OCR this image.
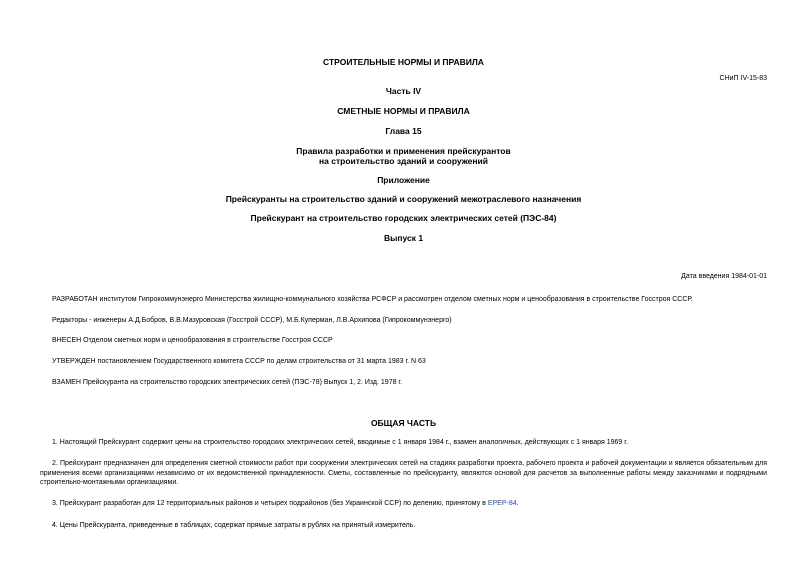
СНиП IV-15-83
СТРОИТЕЛЬНЫЕ НОРМЫ И ПРАВИЛА
Часть IV
СМЕТНЫЕ НОРМЫ И ПРАВИЛА
Глава 15
Правила разработки и применения прейскурантов
на строительство зданий и сооружений
Приложение
Прейскуранты на строительство зданий и сооружений межотраслевого назначения
Прейскурант на строительство городских электрических сетей (ПЭС-84)
Выпуск 1
Дата введения 1984-01-01
РАЗРАБОТАН институтом Гипрокоммунэнерго Министерства жилищно-коммунального хозяйства РСФСР и рассмотрен отделом сметных норм и ценообразования в строительстве Госстроя СССР.
Редакторы - инженеры А.Д.Бобров, В.В.Мазуровская (Госстрой СССР), М.Б.Куперман, Л.В.Архипова (Гипрокоммунэнерго)
ВНЕСЕН Отделом сметных норм и ценообразования в строительстве Госстроя СССР
УТВЕРЖДЕН постановлением Государственного комитета СССР по делам строительства от 31 марта 1983 г. N 63
ВЗАМЕН Прейскуранта на строительство городских электрических сетей (ПЭС-78) Выпуск 1, 2. Изд. 1978 г.
ОБЩАЯ ЧАСТЬ
1. Настоящий Прейскурант содержит цены на строительство городских электрических сетей, вводимые с 1 января 1984 г., взамен аналогичных, действующих с 1 января 1969 г.
2. Прейскурант предназначен для определения сметной стоимости работ при сооружении электрических сетей на стадиях разработки проекта, рабочего проекта и рабочей документации и является обязательным для применения всеми организациями независимо от их ведомственной принадлежности. Сметы, составленные по прейскуранту, являются основой для расчетов за выполненные работы между заказчиками и подрядными строительно-монтажными организациями.
3. Прейскурант разработан для 12 территориальных районов и четырех подрайонов (без Украинской ССР) по делению, принятому в ЕРЕР-84.
4. Цены Прейскуранта, приведенные в таблицах, содержат прямые затраты в рублях на принятый измеритель.
